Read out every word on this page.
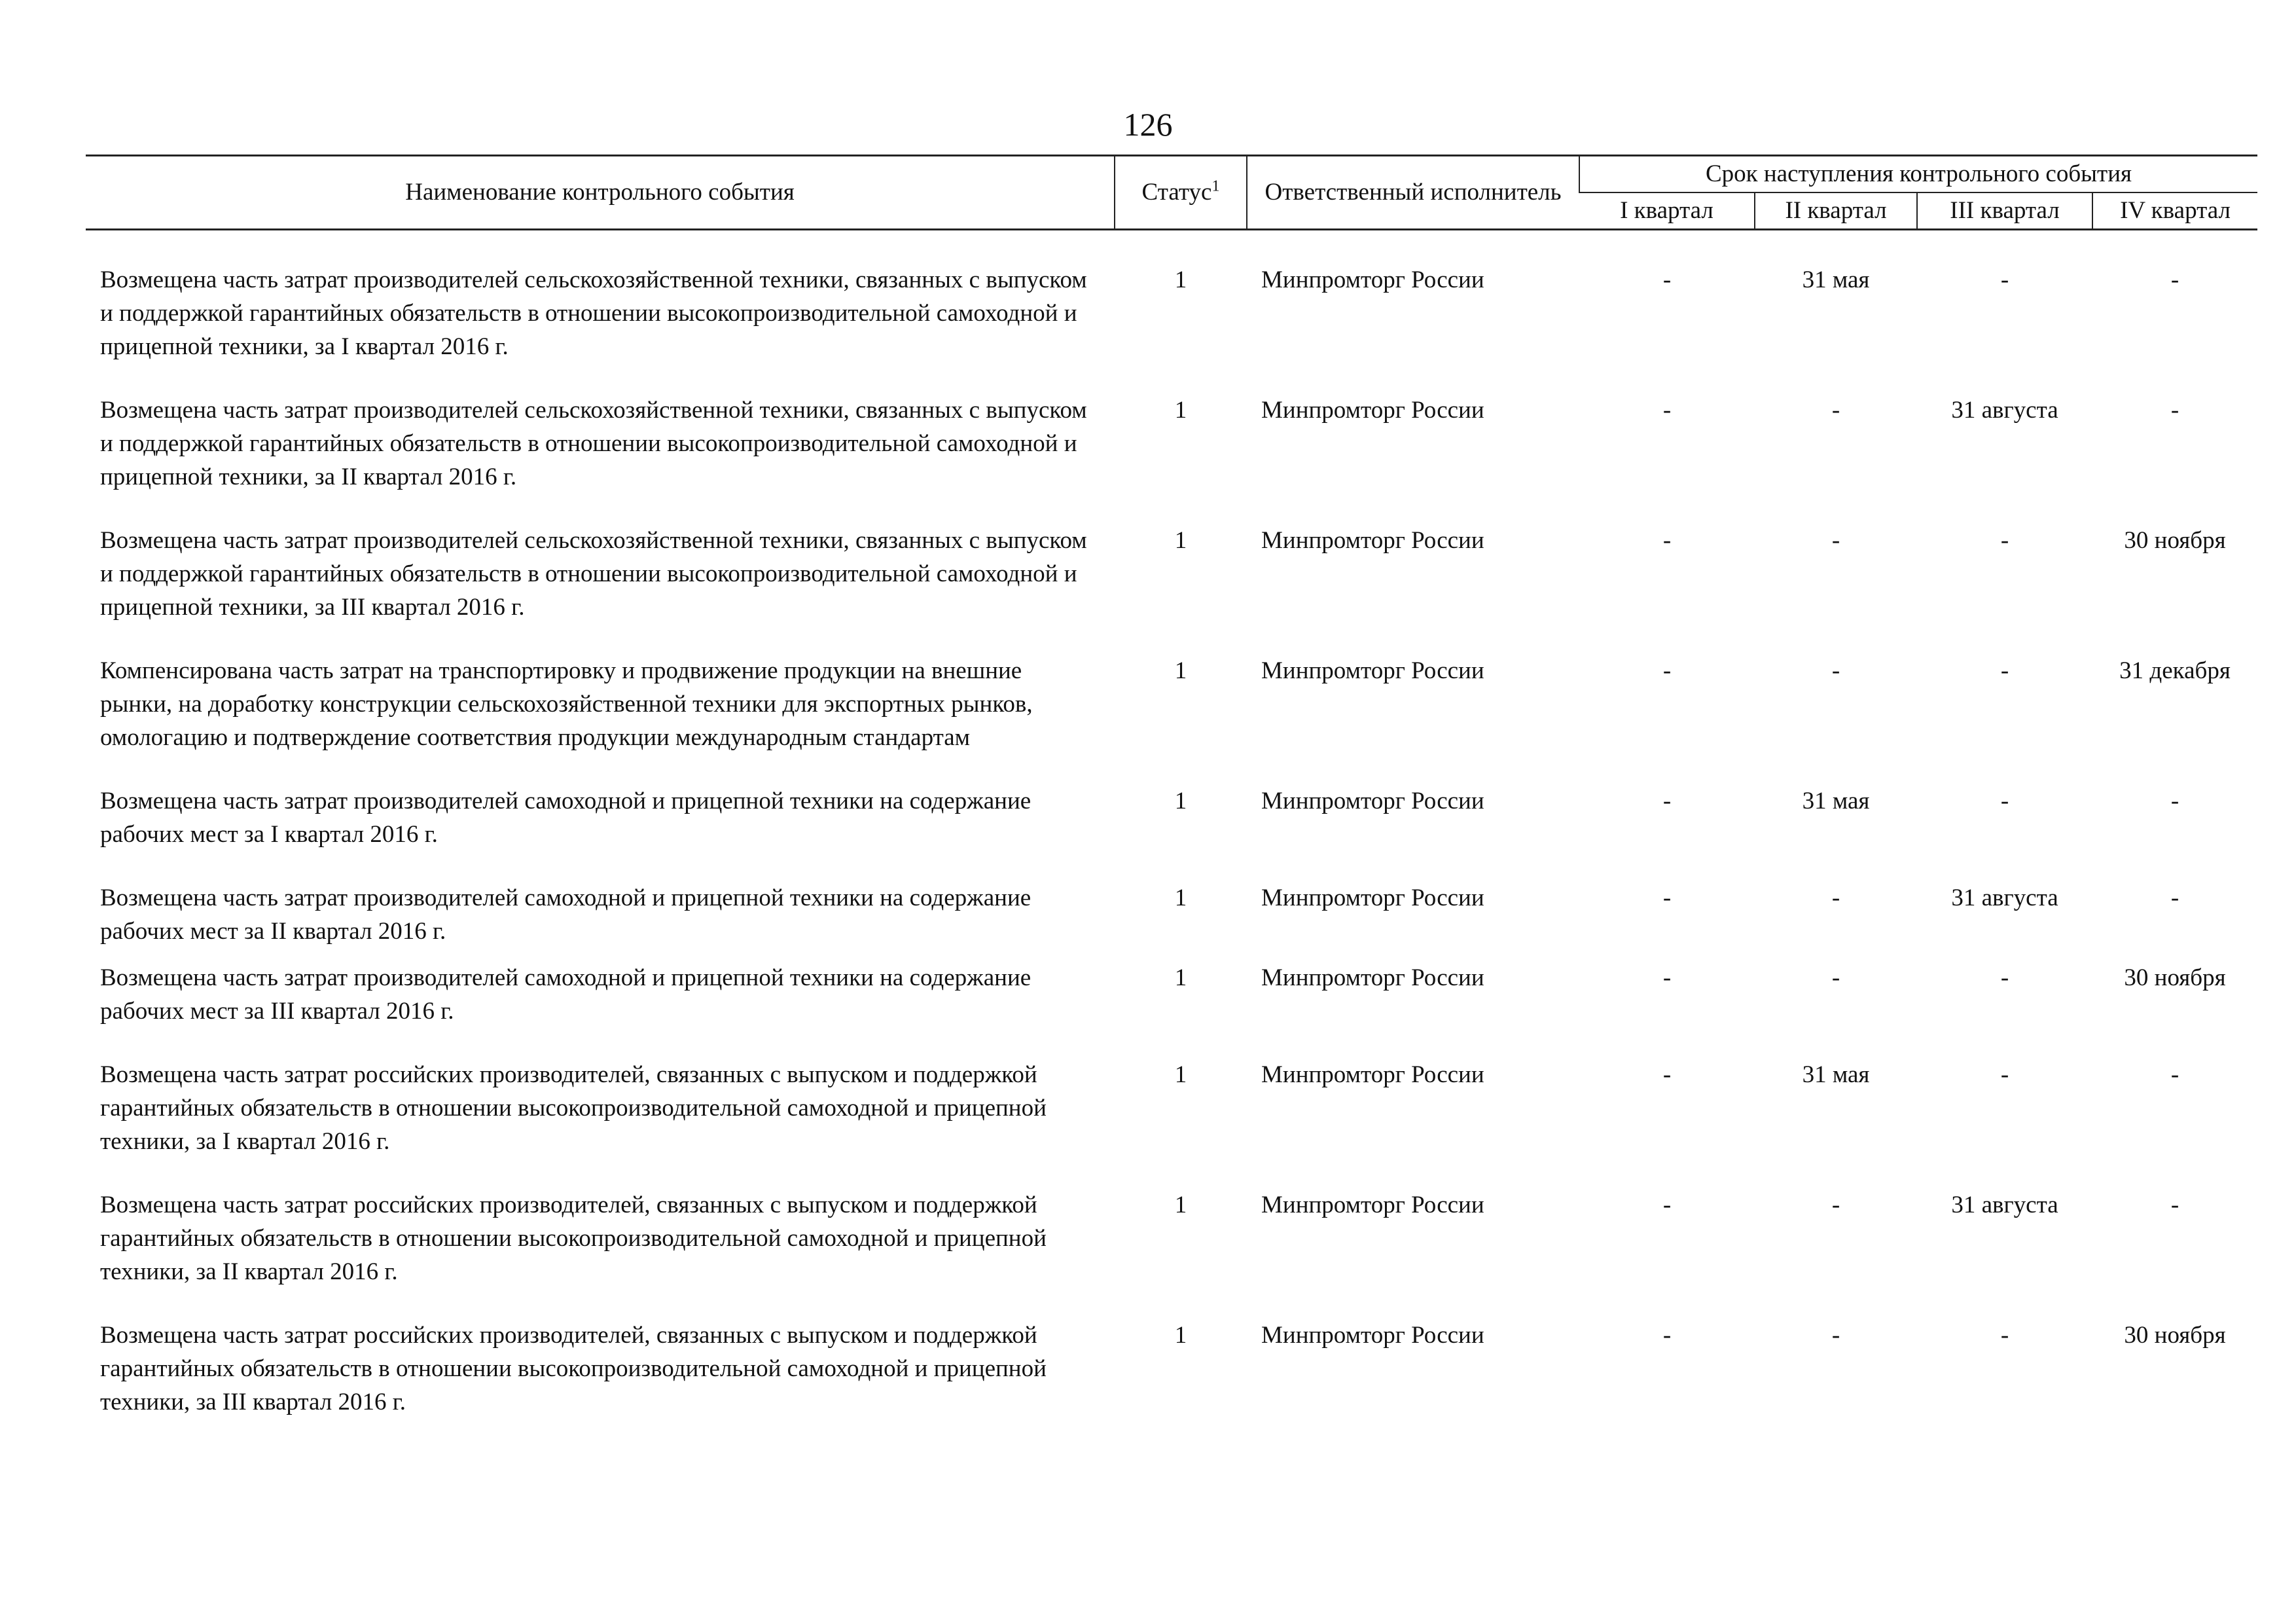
126
Наименование контрольного события	Статус$^1$	Ответственный исполнитель	Срок наступления контрольного события			
			I квартал	II квартал	III квартал	IV квартал

Возмещена часть затрат производителей сельскохозяйственной техники, связанных с выпуском и поддержкой гарантийных обязательств в отношении высокопроизводительной самоходной и прицепной техники, за I квартал 2016 г.	1	Минпромторг России	-	31 мая	-	-

Возмещена часть затрат производителей сельскохозяйственной техники, связанных с выпуском и поддержкой гарантийных обязательств в отношении высокопроизводительной самоходной и прицепной техники, за II квартал 2016 г.	1	Минпромторг России	-	-	31 августа	-

Возмещена часть затрат производителей сельскохозяйственной техники, связанных с выпуском и поддержкой гарантийных обязательств в отношении высокопроизводительной самоходной и прицепной техники, за III квартал 2016 г.	1	Минпромторг России	-	-	-	30 ноября

Компенсирована часть затрат на транспортировку и продвижение продукции на внешние рынки, на доработку конструкции сельскохозяйственной техники для экспортных рынков, омологацию и подтверждение соответствия продукции международным стандартам	1	Минпромторг России	-	-	-	31 декабря

Возмещена часть затрат производителей самоходной и прицепной техники на содержание рабочих мест за I квартал 2016 г.	1	Минпромторг России	-	31 мая	-	-

Возмещена часть затрат производителей самоходной и прицепной техники на содержание рабочих мест за II квартал 2016 г.	1	Минпромторг России	-	-	31 августа	-

Возмещена часть затрат производителей самоходной и прицепной техники на содержание рабочих мест за III квартал 2016 г.	1	Минпромторг России	-	-	-	30 ноября

Возмещена часть затрат российских производителей, связанных с выпуском и поддержкой гарантийных обязательств в отношении высокопроизводительной самоходной и прицепной техники, за I квартал 2016 г.	1	Минпромторг России	-	31 мая	-	-

Возмещена часть затрат российских производителей, связанных с выпуском и поддержкой гарантийных обязательств в отношении высокопроизводительной самоходной и прицепной техники, за II квартал 2016 г.	1	Минпромторг России	-	-	31 августа	-

Возмещена часть затрат российских производителей, связанных с выпуском и поддержкой гарантийных обязательств в отношении высокопроизводительной самоходной и прицепной техники, за III квартал 2016 г.	1	Минпромторг России	-	-	-	30 ноября
